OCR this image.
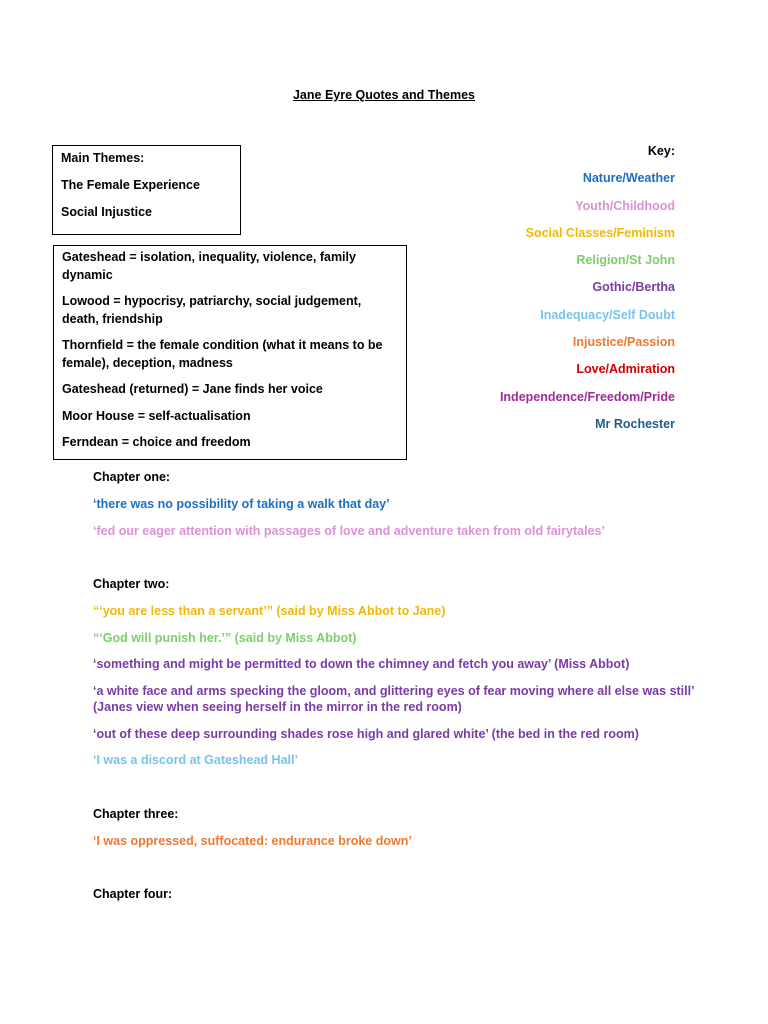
Jane Eyre Quotes and Themes
Main Themes:
The Female Experience
Social Injustice
Gateshead = isolation, inequality, violence, family dynamic
Lowood = hypocrisy, patriarchy, social judgement, death, friendship
Thornfield = the female condition (what it means to be female), deception, madness
Gateshead (returned) = Jane finds her voice
Moor House = self-actualisation
Ferndean = choice and freedom
Key:
Nature/Weather
Youth/Childhood
Social Classes/Feminism
Religion/St John
Gothic/Bertha
Inadequacy/Self Doubt
Injustice/Passion
Love/Admiration
Independence/Freedom/Pride
Mr Rochester
Chapter one:
‘there was no possibility of taking a walk that day’
‘fed our eager attention with passages of love and adventure taken from old fairytales’
Chapter two:
“‘you are less than a servant’” (said by Miss Abbot to Jane)
“‘God will punish her.’” (said by Miss Abbot)
‘something and might be permitted to down the chimney and fetch you away’ (Miss Abbot)
‘a white face and arms specking the gloom, and glittering eyes of fear moving where all else was still’ (Janes view when seeing herself in the mirror in the red room)
‘out of these deep surrounding shades rose high and glared white’ (the bed in the red room)
‘I was a discord at Gateshead Hall’
Chapter three:
‘I was oppressed, suffocated: endurance broke down’
Chapter four:
